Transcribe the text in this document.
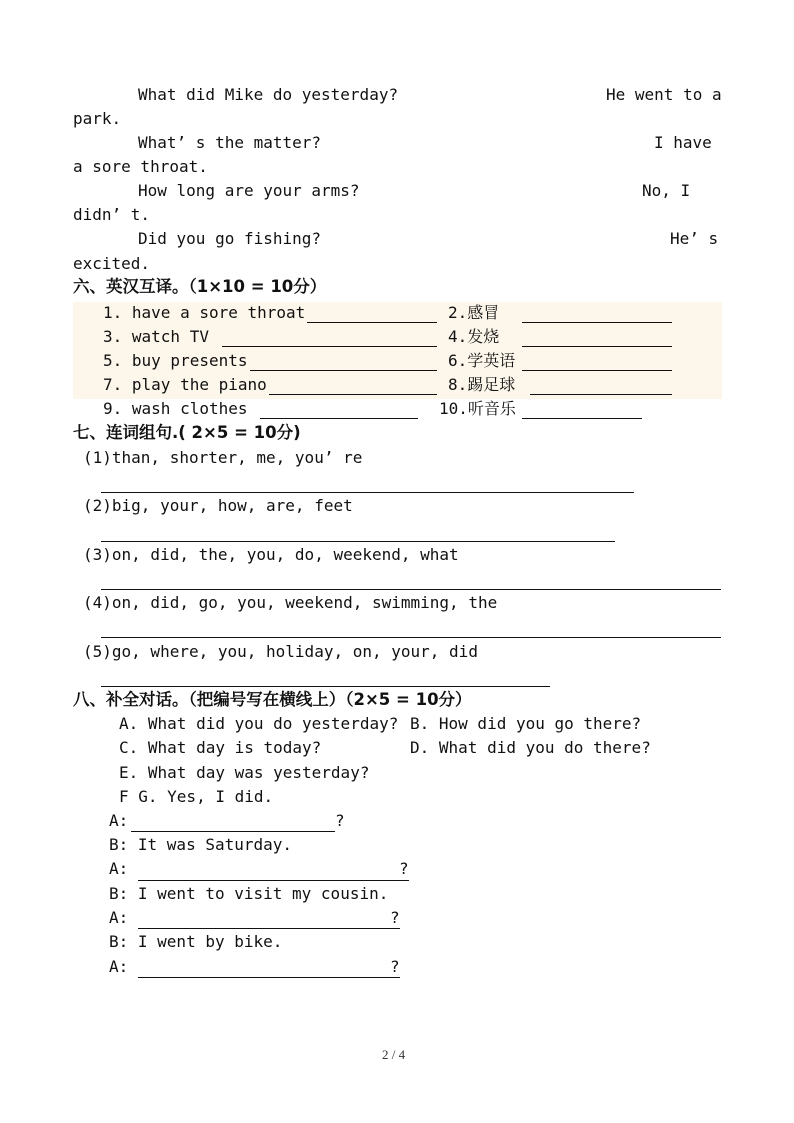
What did Mike do yesterday?	He went to a
park.
What’ s the matter?	I have
a sore throat.
How long are your arms?	No, I
didn’ t.
Did you go fishing?	He’ s
excited.
六、英汉互译。（1×10 = 10分）
1. have a sore throat	2.感冒
3. watch TV	4.发烧
5. buy presents	6.学英语
7. play the piano	8.踢足球
9. wash clothes	10.听音乐
七、连词组句.( 2×5 = 10分)
(1)than, shorter, me, you’ re
(2)big, your, how, are, feet
(3)on, did, the, you, do, weekend, what
(4)on, did, go, you, weekend, swimming, the
(5)go, where, you, holiday, on, your, did
八、补全对话。（把编号写在横线上）（2×5 = 10分）
A. What did you do yesterday? B. How did you go there?
C. What day is today?	D. What did you do there?
E. What day was yesterday?
F G. Yes, I did.
A:	?
B: It was Saturday.
A:	?
B: I went to visit my cousin.
A:	?
B: I went by bike.
A:	?
2 / 4
